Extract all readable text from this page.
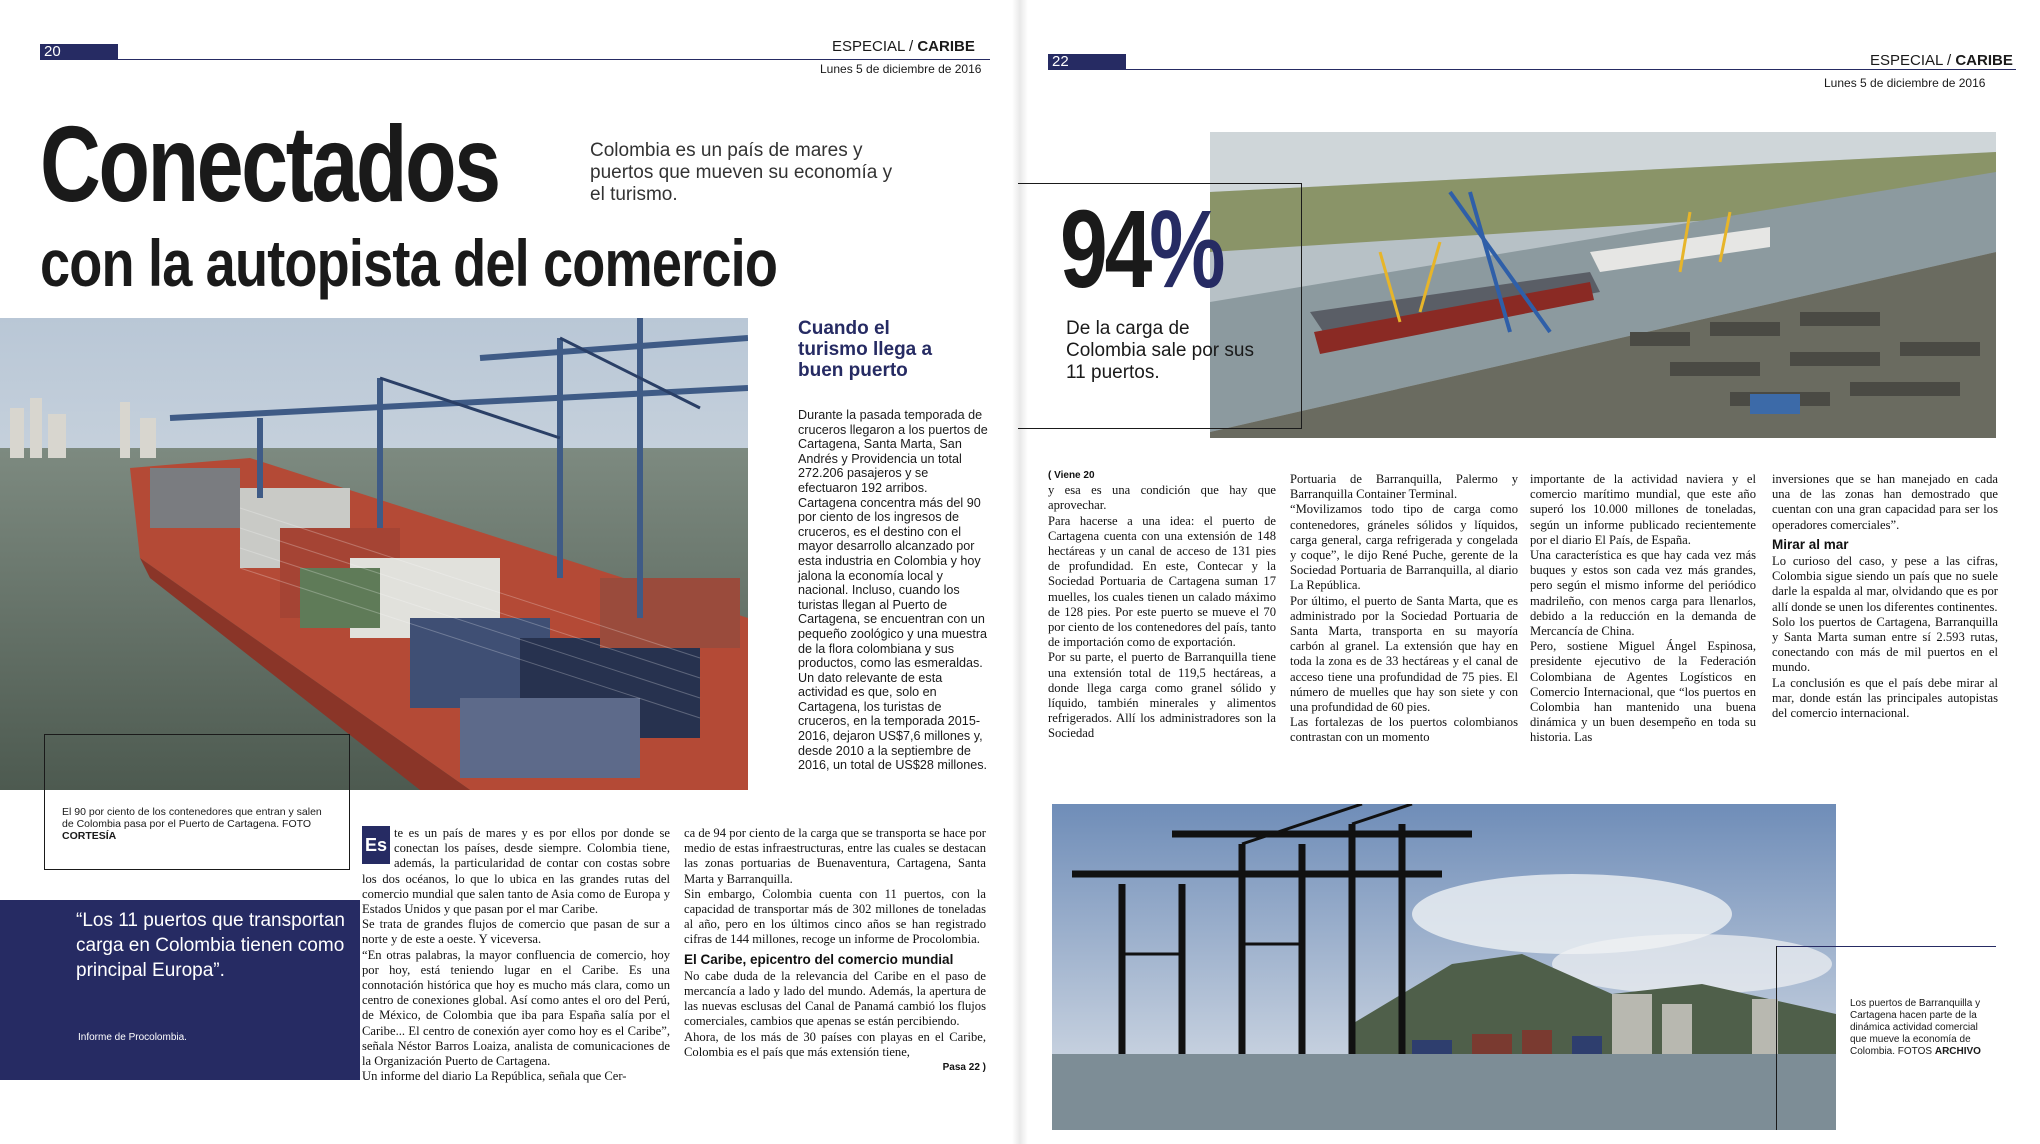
20	ESPECIAL / CARIBE
Lunes 5 de diciembre de 2016
Conectados
con la autopista del comercio
Colombia es un país de mares y puertos que mueven su economía y el turismo.
El 90 por ciento de los contenedores que entran y salen de Colombia pasa por el Puerto de Cartagena. FOTO CORTESÍA
Cuando el turismo llega a buen puerto
Durante la pasada temporada de cruceros llegaron a los puertos de Cartagena, Santa Marta, San Andrés y Providencia un total 272.206 pasajeros y se efectuaron 192 arribos. Cartagena concentra más del 90 por ciento de los ingresos de cruceros, es el destino con el mayor desarrollo alcanzado por esta industria en Colombia y hoy jalona la economía local y nacional. Incluso, cuando los turistas llegan al Puerto de Cartagena, se encuentran con un pequeño zoológico y una muestra de la flora colombiana y sus productos, como las esmeraldas. Un dato relevante de esta actividad es que, solo en Cartagena, los turistas de cruceros, en la temporada 2015-2016, dejaron US$7,6 millones y, desde 2010 a la septiembre de 2016, un total de US$28 millones.
“Los 11 puertos que transportan carga en Colombia tienen como principal Europa”.
Informe de Procolombia.

Es
te es un país de mares y es por ellos por donde se conectan los países, desde siempre. Colombia tiene, además, la particularidad de contar con costas sobre los dos océanos, lo que lo ubica en las grandes rutas del comercio mundial que salen tanto de Asia como de Europa y Estados Unidos y que pasan por el mar Caribe.

Se trata de grandes flujos de comercio que pasan de sur a norte y de este a oeste. Y viceversa.

“En otras palabras, la mayor confluencia de comercio, hoy por hoy, está teniendo lugar en el Caribe. Es una connotación histórica que hoy es mucho más clara, como un centro de conexiones global. Así como antes el oro del Perú, de México, de Colombia que iba para España salía por el Caribe... El centro de conexión ayer como hoy es el Caribe”, señala Néstor Barros Loaiza, analista de comunicaciones de la Organización Puerto de Cartagena.

Un informe del diario La República, señala que Cer-

ca de 94 por ciento de la carga que se transporta se hace por medio de estas infraestructuras, entre las cuales se destacan las zonas portuarias de Buenaventura, Cartagena, Santa Marta y Barranquilla.

Sin embargo, Colombia cuenta con 11 puertos, con la capacidad de transportar más de 302 millones de toneladas al año, pero en los últimos cinco años se han registrado cifras de 144 millones, recoge un informe de Procolombia.

El Caribe, epicentro del comercio mundial

No cabe duda de la relevancia del Caribe en el paso de mercancía a lado y lado del mundo. Además, la apertura de las nuevas esclusas del Canal de Panamá cambió los flujos comerciales, cambios que apenas se están percibiendo.

Ahora, de los más de 30 países con playas en el Caribe, Colombia es el país que más extensión tiene,

Pasa 22 )

22	ESPECIAL / CARIBE
Lunes 5 de diciembre de 2016
94%
De la carga de Colombia sale por sus 11 puertos.

( Viene 20

y esa es una condición que hay que aprovechar.

Para hacerse a una idea: el puerto de Cartagena cuenta con una extensión de 148 hectáreas y un canal de acceso de 131 pies de profundidad. En este, Contecar y la Sociedad Portuaria de Cartagena suman 17 muelles, los cuales tienen un calado máximo de 128 pies. Por este puerto se mueve el 70 por ciento de los contenedores del país, tanto de importación como de exportación.

Por su parte, el puerto de Barranquilla tiene una extensión total de 119,5 hectáreas, a donde llega carga como granel sólido y líquido, también minerales y alimentos refrigerados. Allí los administradores son la Sociedad

Portuaria de Barranquilla, Palermo y Barranquilla Container Terminal.

“Movilizamos todo tipo de carga como contenedores, gráneles sólidos y líquidos, carga general, carga refrigerada y congelada y coque”, le dijo René Puche, gerente de la Sociedad Portuaria de Barranquilla, al diario La República.

Por último, el puerto de Santa Marta, que es administrado por la Sociedad Portuaria de Santa Marta, transporta en su mayoría carbón al granel. La extensión que hay en toda la zona es de 33 hectáreas y el canal de acceso tiene una profundidad de 75 pies. El número de muelles que hay son siete y con una profundidad de 60 pies.

Las fortalezas de los puertos colombianos contrastan con un momento

importante de la actividad naviera y el comercio marítimo mundial, que este año superó los 10.000 millones de toneladas, según un informe publicado recientemente por el diario El País, de España.

Una característica es que hay cada vez más buques y estos son cada vez más grandes, pero según el mismo informe del periódico madrileño, con menos carga para llenarlos, debido a la reducción en la demanda de Mercancía de China.

Pero, sostiene Miguel Ángel Espinosa, presidente ejecutivo de la Federación Colombiana de Agentes Logísticos en Comercio Internacional, que “los puertos en Colombia han mantenido una buena dinámica y un buen desempeño en toda su historia. Las

inversiones que se han manejado en cada una de las zonas han demostrado que cuentan con una gran capacidad para ser los operadores comerciales”.

Mirar al mar

Lo curioso del caso, y pese a las cifras, Colombia sigue siendo un país que no suele darle la espalda al mar, olvidando que es por allí donde se unen los diferentes continentes.

Solo los puertos de Cartagena, Barranquilla y Santa Marta suman entre sí 2.593 rutas, conectando con más de mil puertos en el mundo.

La conclusión es que el país debe mirar al mar, donde están las principales autopistas del comercio internacional.

Los puertos de Barranquilla y Cartagena hacen parte de la dinámica actividad comercial que mueve la economía de Colombia. FOTOS ARCHIVO
